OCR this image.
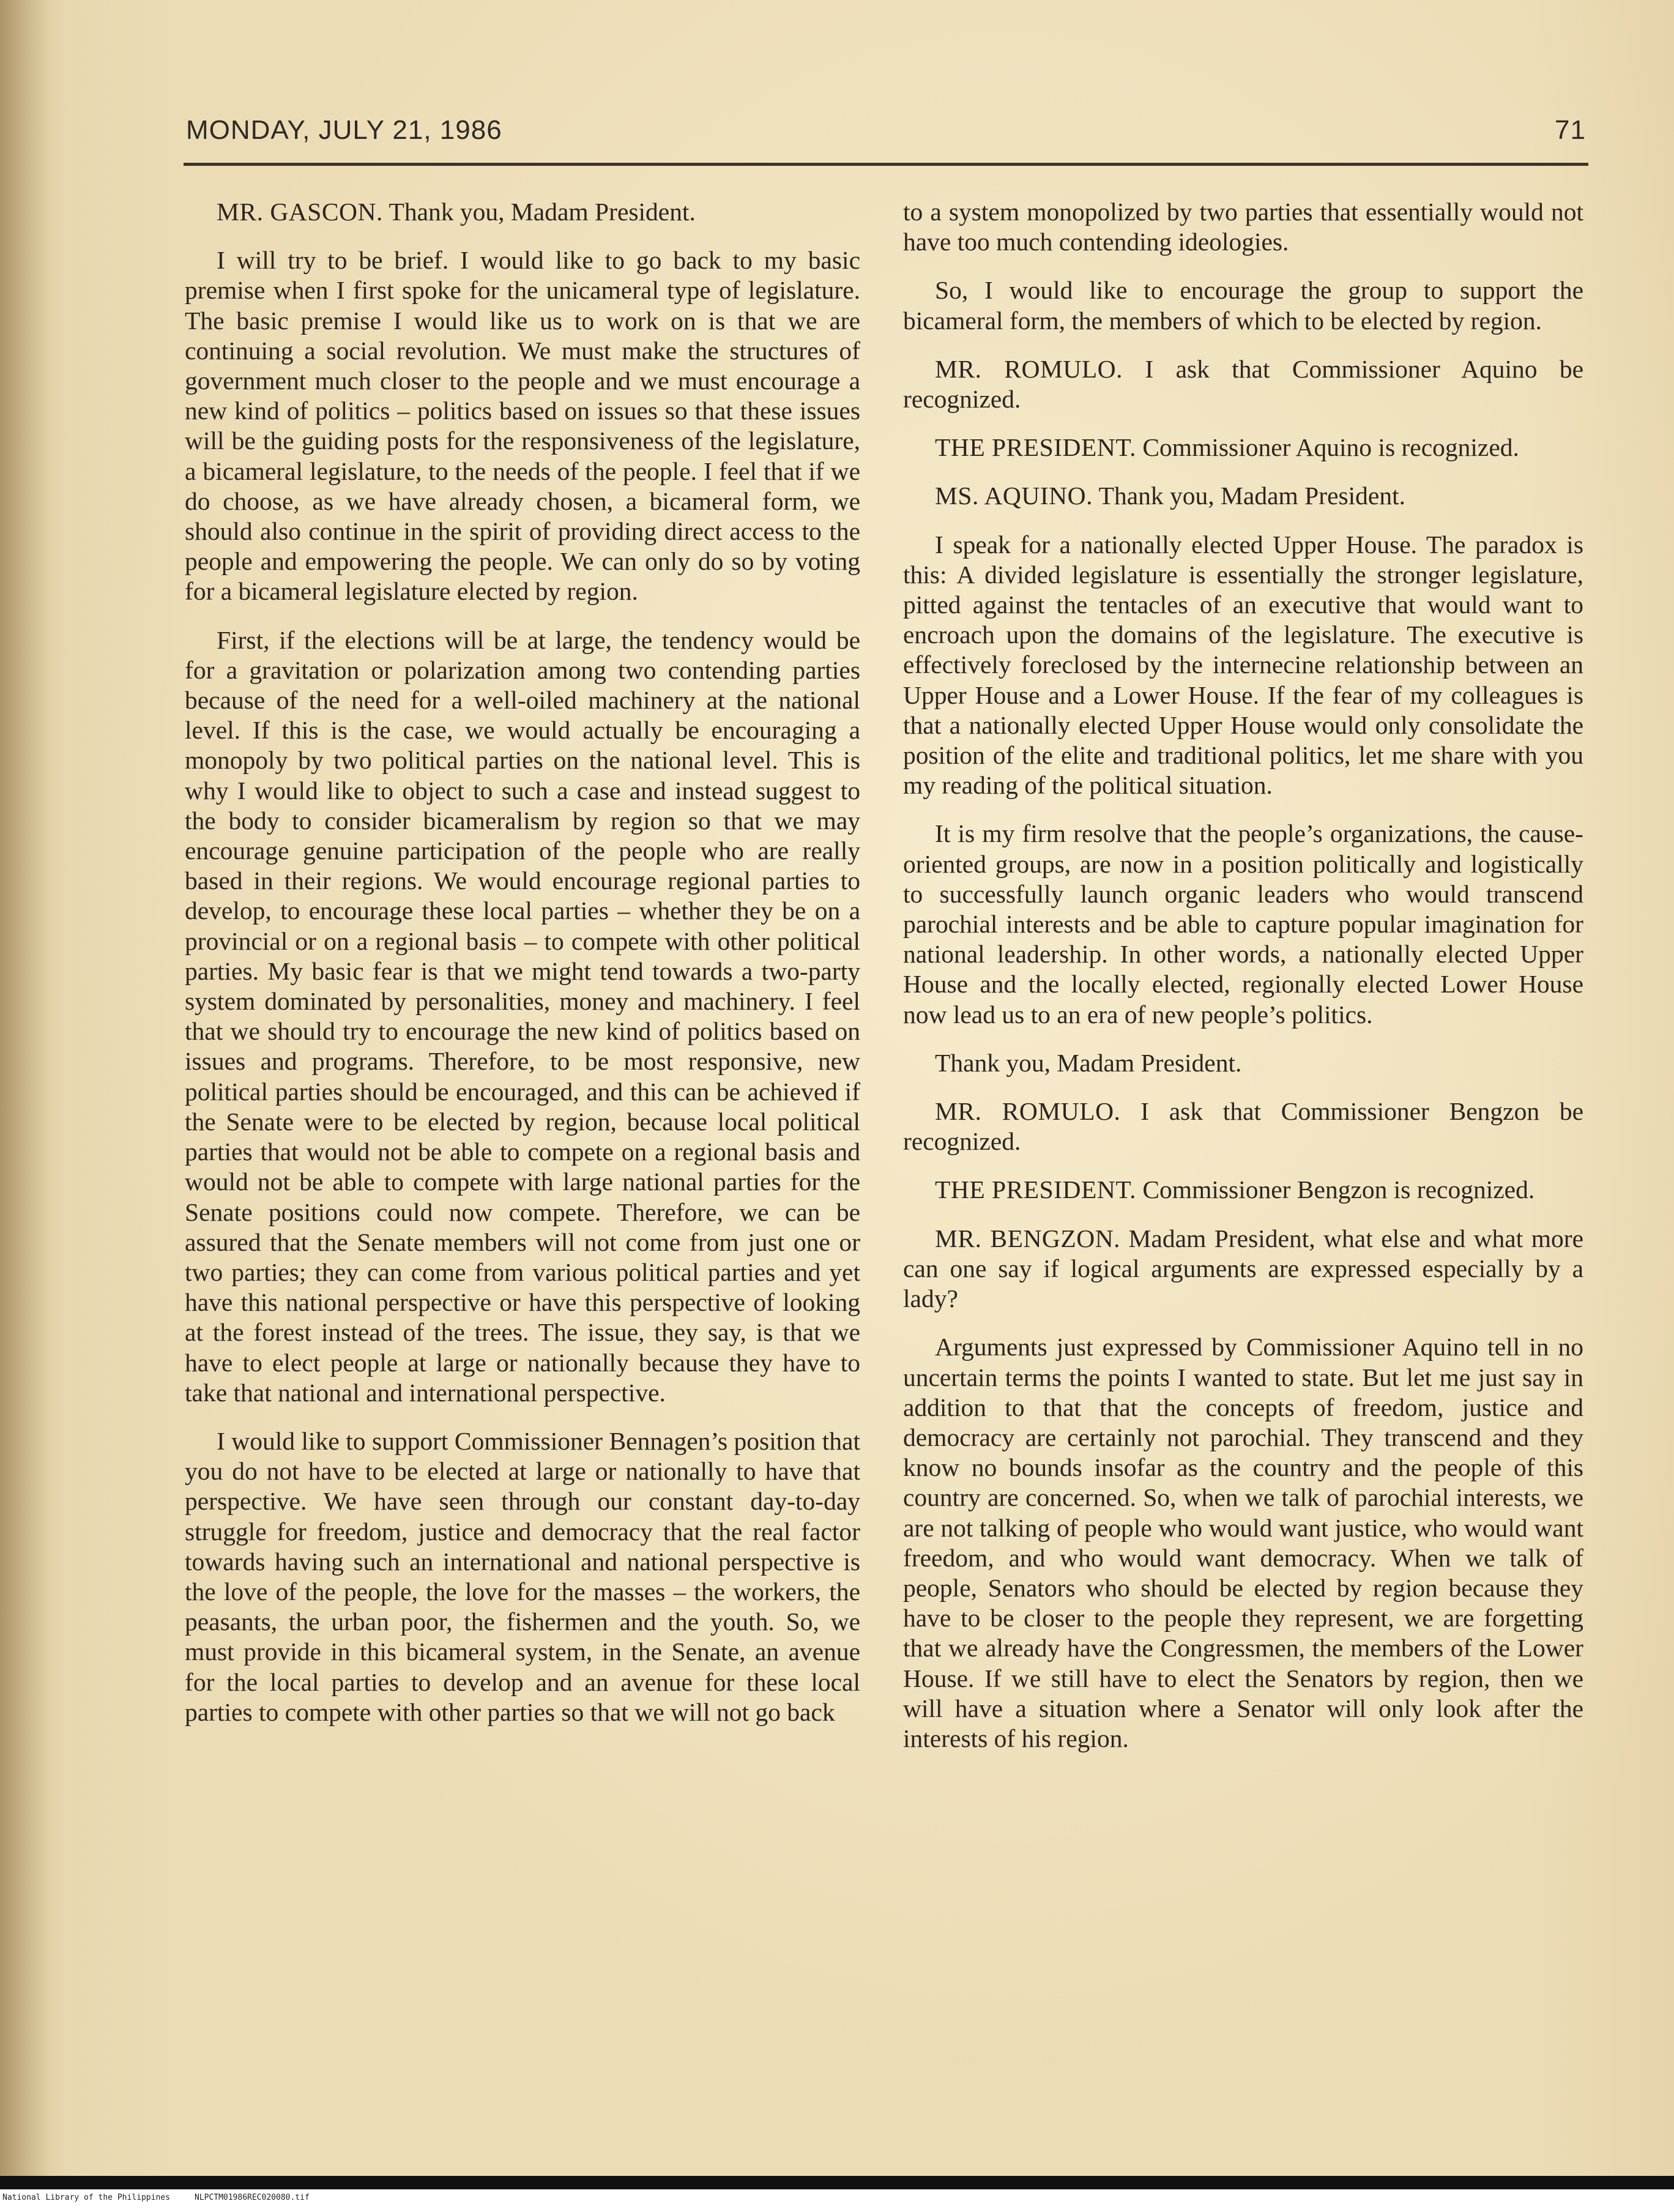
MONDAY, JULY 21, 1986	71

MR. GASCON. Thank you, Madam President.

I will try to be brief. I would like to go back to my basic premise when I first spoke for the unicameral type of legislature. The basic premise I would like us to work on is that we are continuing a social revolution. We must make the structures of government much closer to the people and we must encourage a new kind of politics – politics based on issues so that these issues will be the guiding posts for the responsiveness of the legislature, a bicameral legislature, to the needs of the people. I feel that if we do choose, as we have already chosen, a bicameral form, we should also continue in the spirit of providing direct access to the people and empowering the people. We can only do so by voting for a bicameral legislature elected by region.

First, if the elections will be at large, the tendency would be for a gravitation or polarization among two contending parties because of the need for a well-oiled machinery at the national level. If this is the case, we would actually be encouraging a monopoly by two political parties on the national level. This is why I would like to object to such a case and instead suggest to the body to consider bicameralism by region so that we may encourage genuine participation of the people who are really based in their regions. We would encourage regional parties to develop, to encourage these local parties – whether they be on a provincial or on a regional basis – to compete with other political parties. My basic fear is that we might tend towards a two-party system dominated by personalities, money and machinery. I feel that we should try to encourage the new kind of politics based on issues and programs. Therefore, to be most responsive, new political parties should be encouraged, and this can be achieved if the Senate were to be elected by region, because local political parties that would not be able to compete on a regional basis and would not be able to compete with large national parties for the Senate positions could now compete. Therefore, we can be assured that the Senate members will not come from just one or two parties; they can come from various political parties and yet have this national perspective or have this perspective of looking at the forest instead of the trees. The issue, they say, is that we have to elect people at large or nationally because they have to take that national and international perspective.

I would like to support Commissioner Bennagen’s position that you do not have to be elected at large or nationally to have that perspective. We have seen through our constant day-to-day struggle for freedom, justice and democracy that the real factor towards having such an international and national perspective is the love of the people, the love for the masses – the workers, the peasants, the urban poor, the fishermen and the youth. So, we must provide in this bicameral system, in the Senate, an avenue for the local parties to develop and an avenue for these local parties to compete with other parties so that we will not go back

to a system monopolized by two parties that essentially would not have too much contending ideologies.

So, I would like to encourage the group to support the bicameral form, the members of which to be elected by region.

MR. ROMULO. I ask that Commissioner Aquino be recognized.

THE PRESIDENT. Commissioner Aquino is recognized.

MS. AQUINO. Thank you, Madam President.

I speak for a nationally elected Upper House. The paradox is this: A divided legislature is essentially the stronger legislature, pitted against the tentacles of an executive that would want to encroach upon the domains of the legislature. The executive is effectively foreclosed by the internecine relationship between an Upper House and a Lower House. If the fear of my colleagues is that a nationally elected Upper House would only consolidate the position of the elite and traditional politics, let me share with you my reading of the political situation.

It is my firm resolve that the people’s organizations, the cause-oriented groups, are now in a position politically and logistically to successfully launch organic leaders who would transcend parochial interests and be able to capture popular imagination for national leadership. In other words, a nationally elected Upper House and the locally elected, regionally elected Lower House now lead us to an era of new people’s politics.

Thank you, Madam President.

MR. ROMULO. I ask that Commissioner Bengzon be recognized.

THE PRESIDENT. Commissioner Bengzon is recognized.

MR. BENGZON. Madam President, what else and what more can one say if logical arguments are expressed especially by a lady?

Arguments just expressed by Commissioner Aquino tell in no uncertain terms the points I wanted to state. But let me just say in addition to that that the concepts of freedom, justice and democracy are certainly not parochial. They transcend and they know no bounds insofar as the country and the people of this country are concerned. So, when we talk of parochial interests, we are not talking of people who would want justice, who would want freedom, and who would want democracy. When we talk of people, Senators who should be elected by region because they have to be closer to the people they represent, we are forgetting that we already have the Congressmen, the members of the Lower House. If we still have to elect the Senators by region, then we will have a situation where a Senator will only look after the interests of his region.

National Library of the Philippines	NLPCTM01986REC020080.tif
